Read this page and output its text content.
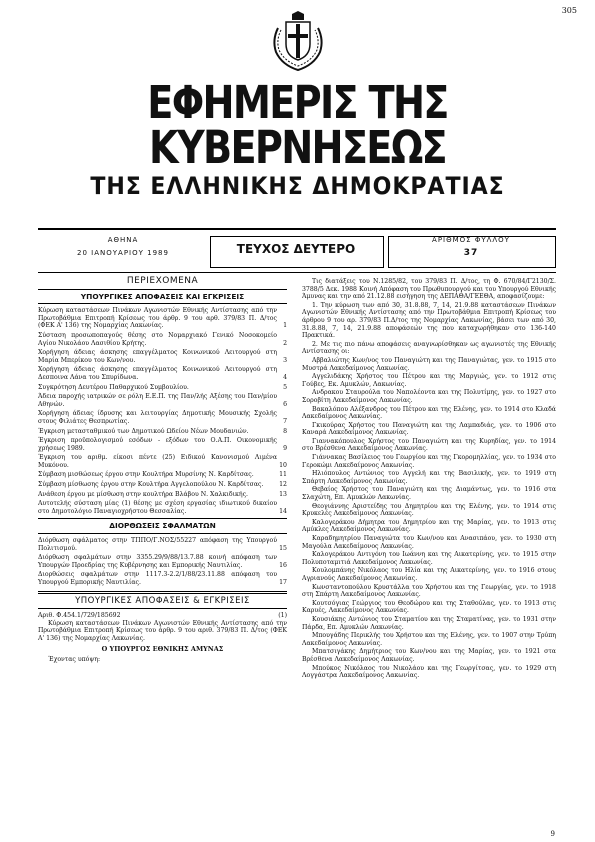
305
ΕΦΗΜΕΡΙΣ ΤΗΣ ΚΥΒΕΡΝΗΣΕΩΣ
ΤΗΣ ΕΛΛΗΝΙΚΗΣ ΔΗΜΟΚΡΑΤΙΑΣ
ΑΘΗΝΑ
20 ΙΑΝΟΥΑΡΙΟΥ 1989	ΤΕΥΧΟΣ ΔΕΥΤΕΡΟ
ΑΡΙΘΜΟΣ ΦΥΛΛΟΥ
37

ΠΕΡΙΕΧΟΜΕΝΑ

ΥΠΟΥΡΓΙΚΕΣ ΑΠΟΦΑΣΕΙΣ ΚΑΙ ΕΓΚΡΙΣΕΙΣ

Κύρωση καταστάσεων Πινάκων Αγωνιστών Εθνικής Αντίστασης από την Πρωτοβάθμια Επιτροπή Κρίσεως του άρθρ. 9 του αρθ. 379/83 Π. Δ/τος (ΦΕΚ Α' 136) της Νομαρχίας Λακωνίας.	1
Σύσταση προσωποπαγούς θέσης στο Νομαρχιακό Γενικό Νοσοκομείο Αγίου Νικολάου Λασιθίου Κρήτης.	2
Χορήγηση άδειας άσκησης επαγγέλματος Κοινωνικού Λειτουργού στη Μαρία Μπερίκου του Κων/νου.	3
Χορήγηση άδειας άσκησης επαγγέλματος Κοινωνικού Λειτουργού στη Δεσποινα Λάνα του Σπυρίδωνα.	4
Συγκρότηση Δευτέρου Παθαρχικού Συμβουλίου.	5
Άδεια παροχής ιατρικών σε ρόλη Ε.Ε.Π. της Παν/λής Αξέσης του Παν/μίου Αθηνών.	6
Χορήγηση άδειας ίδρυσης και λειτουργίας Δημοτικής Μουσικής Σχολής στους Φιλιάτες Θεσπρωτίας.	7
Έγκριση μετασταθμικού των Δημοτικού Ωδείου Νέων Μουδανιών.	8
Έγκριση προϋπολογισμού εσόδων - εξόδων του Ο.Α.Π. Οικονομικής χρήσεως 1989.	9
Έγκριση του αριθμ. είκοσι πέντε (25) Ειδικού Κανονισμού Λιμένα Μυκόνου.	10
Σύμβαση μισθώσεως έργου στην Κουλτήρα Μυρσίνης Ν. Καρδίτσας.	11
Σύμβαση μίσθωσης έργου στην Κουλτήρα Αγγελοπούλου Ν. Καρδίτσας.	12
Ανάθεση έργου με μίσθωση στην κουλτήρα Βλάβου Ν. Χαλκιδικής.	13
Αυτοτελής σύσταση μίας (1) θέσης με σχέση εργασίας ιδιωτικού δικαίου στο Δημοτολόγιο Παναγιοχρήστου Θεσσαλίας.	14

ΔΙΟΡΘΩΣΕΙΣ ΣΦΑΛΜΑΤΩΝ

Διόρθωση σφάλματος στην ΤΠΠΟ/Γ.ΝΟΣ/55227 απόφαση της Υπουργού Πολιτισμού.	15
Διόρθωση σφαλμάτων στην 3355.29/9/88/13.7.88 κοινή απόφαση των Υπουργών Προεδρίας της Κυβέρνησης και Εμπορικής Ναυτιλίας.	16
Διορθώσεις σφαλμάτων στην 1117.3-2.2/1/88/23.11.88 απόφαση του Υπουργού Εμπορικής Ναυτιλίας.	17

ΥΠΟΥΡΓΙΚΕΣ ΑΠΟΦΑΣΕΙΣ & ΕΓΚΡΙΣΕΙΣ

Αριθ. Φ.454.1/729/185692	(1)

Κύρωση καταστάσεων Πινάκων Αγωνιστών Εθνικής Αντίστασης από την Πρωτοβάθμια Επιτροπή Κρίσεως του άρθρ. 9 του αριθ. 379/83 Π. Δ/τος (ΦΕΚ Α' 136) της Νομαρχίας Λακωνίας.

Ο ΥΠΟΥΡΓΟΣ ΕΘΝΙΚΗΣ ΑΜΥΝΑΣ

Έχοντας υπόψη:

Τις διατάξεις του Ν.1285/82, του 379/83 Π. Δ/τος, τη Φ. 670/84/Γ2130/Σ. 3788/5 Δεκ. 1988 Κοινή Απόφαση του Πρωθυπουργού και του Υπουργού Εθνικής Άμυνας και την από 21.12.88 εισήγηση της ΔΕΠΑΘΑ/ΓΕΕΘΑ, αποφασίζουμε:

1. Την κύρωση των από 30, 31.8.88, 7, 14, 21.9.88 καταστάσεων Πινάκων Αγωνιστών Εθνικής Αντίστασης από την Πρωτοβάθμια Επιτροπή Κρίσεως του άρθρου 9 του αρ. 379/83 Π.Δ/τος της Νομαρχίας Λακωνίας, βάσει των από 30, 31.8.88, 7, 14, 21.9.88 αποφάσεών της που καταχωρήθηκαν στο 136-140 Πρακτικά.

2. Με τις πιο πάνω αποφάσεις αναγνωρίσθηκαν ως αγωνιστές της Εθνικής Αντίστασης οι:

Αββαλιώτης Κων/νος του Παναγιώτη και της Παναγιώτας, γεν. το 1915 στο Μυστρά Λακεδαίμονος Λακωνίας.

Αγγελιδάκης Χρήστος του Πέτρου και της Μαργιώς, γεν. το 1912 στις Γούβες, Εκ. Αμυκλών, Λακωνίας.

Ανδρακου Σταυρούλα του Ναπολέοντα και της Πολυτίμης, γεν. το 1927 στο Σοροβίτη Λακεδαίμονος Λακωνίας.

Βακαλόπου Αλέξανδρος του Πέτρου και της Ελένης, γεν. το 1914 στο Κλαδά Λακεδαίμονος Λακωνίας.

Γκικούρας Χρήστος του Παναγιώτη και της Λαμπαδιάς, γεν. το 1906 στο Καναρά Λακεδαίμονος Λακωνίας.

Γιαννακόπουλος Χρήστος του Παναγιώτη και της Κυρηδίας, γεν. το 1914 στο Βρέσθενα Λακεδαίμονος Λακωνίας.

Γιάννακας Βασίλειος του Γεωργίου και της Γκορομηλλίας, γεν. το 1934 στο Γεροκώμι Λακεδαίμονος Λακωνίας.

Ηλιόπουλος Αντώνιος του Αγγελή και της Βασιλικής, γεν. το 1919 στη Σπάρτη Λακεδαίμονος Λακωνίας.

Θεβαίος Χρήστος του Παναγιώτη και της Διαμάντως, γεν. το 1916 στα Σλαχώτη, Επ. Αμυκλών Λακωνίας.

Θεογιάννης Αριστείδης του Δημητρίου και της Ελένης, γεν. το 1914 στις Κρυκελές Λακεδαίμονος Λακωνίας.

Καλογεράκου Δήμητρα του Δημητρίου και της Μαρίας, γεν. το 1913 στις Αμύκλες Λακεδαίμονος Λακωνίας.

Καραδημητρίου Παναγιώτα του Κων/νου και Ανασιπάου, γεν. το 1930 στη Μαγούλα Λακεδαίμονος Λακωνίας.

Καλογεράκου Αντιγόνη του Ιωάννη και της Αικατερίνης, γεν. το 1915 στην Πολυποταμιτιά Λακεδαίμονος Λακωνίας.

Κουλομπάνης Νικόλαος του Ηλία και της Αικατερίνης, γεν. το 1916 στους Αγριανούς Λακεδαίμονος Λακωνίας.

Κωνσταντοπούλου Κρυστάλλα του Χρήστου και της Γεωργίας, γεν. το 1918 στη Σπάρτη Λακεδαίμονος Λακωνίας.

Κουτσόγιας Γεώργιος του Θεοδώρου και της Σταθούλας, γεν. το 1913 στις Καρυές, Λακεδαίμονος Λακωνίας.

Κουσιάκης Αντώνιος του Σταματίου και της Σταματίνας, γεν. το 1931 στην Πάρδα, Επ. Αμυκλών Λακωνίας.

Μπουγάδης Περικλής του Χρήστου και της Ελένης, γεν. το 1907 στην Τρύπη Λακεδαίμονος Λακωνίας.

Μπατσιγάκης Δημήτριος του Κων/νου και της Μαρίας, γεν. το 1921 στα Βρέσθενα Λακεδαίμονος Λακωνίας.

Μπούκος Νικόλαος του Νικολάου και της Γεωργίτσας, γεν. το 1929 στη Λογγάστρα Λακεδαίμονος Λακωνίας.

9
